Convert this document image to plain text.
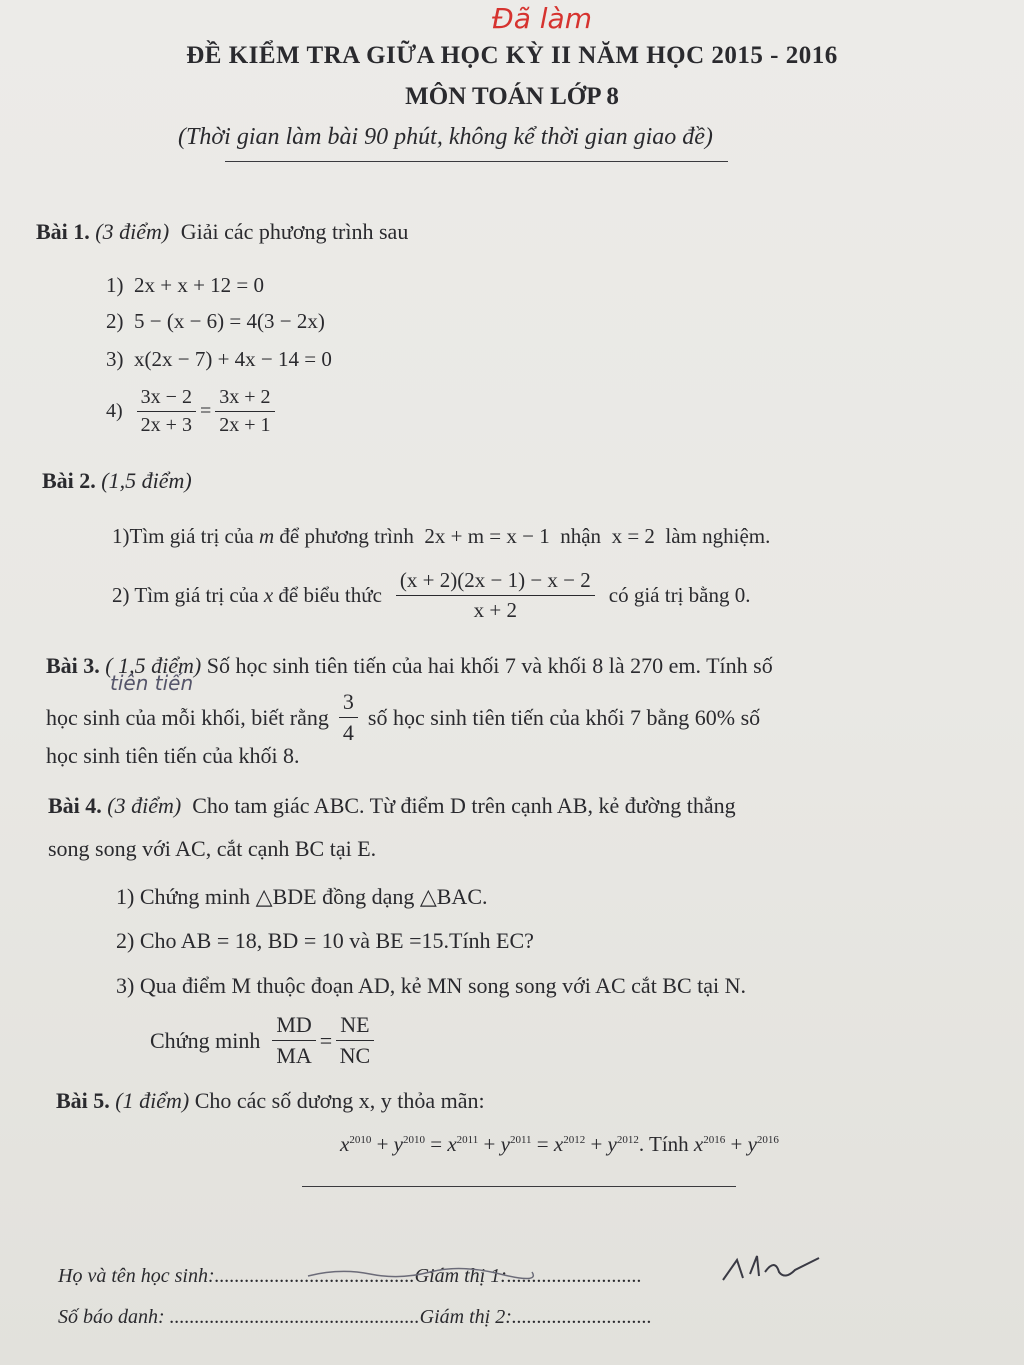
Đã làm
ĐỀ KIỂM TRA GIỮA HỌC KỲ II NĂM HỌC 2015 - 2016
MÔN TOÁN LỚP 8
(Thời gian làm bài 90 phút, không kể thời gian giao đề)
Bài 1. (3 điểm) Giải các phương trình sau
1) 2x + x + 12 = 0
2) 5 − (x − 6) = 4(3 − 2x)
3) x(2x − 7) + 4x − 14 = 0
$4) \frac{3x - 2}{2x + 3} = \frac{3x + 2}{2x + 1}$
Bài 2. (1,5 điểm)
1)Tìm giá trị của m để phương trình 2x + m = x − 1 nhận x = 2 làm nghiệm.
2) Tìm giá trị của
x
để biểu thức $\frac{(x + 2)(2x - 1) - x - 2}{x + 2}$ có giá trị bằng 0.
Bài 3. ( 1,5 điểm) Số học sinh tiên tiến của hai khối 7 và khối 8 là 270 em. Tính số
tiên tiến
học sinh của mỗi khối, biết rằng $\frac{3}{4}$ số học sinh tiên tiến của khối 7 bằng 60% số
học sinh tiên tiến của khối 8.
Bài 4. (3 điểm) Cho tam giác ABC. Từ điểm D trên cạnh AB, kẻ đường thẳng
song song với AC, cắt cạnh BC tại E.
1) Chứng minh △BDE đồng dạng △BAC.
2) Cho AB = 18, BD = 10 và BE =15.Tính EC?
3) Qua điểm M thuộc đoạn AD, kẻ MN song song với AC cắt BC tại N.
Chứng minh $\frac{MD}{MA} = \frac{NE}{NC}$
Bài 5. (1 điểm) Cho các số dương x, y thỏa mãn:
$x^{2010} + y^{2010} = x^{2011} + y^{2011} = x^{2012} + y^{2012}$. Tính $x^{2016} + y^{2016}$
Họ và tên học sinh:........................................Giám thị 1:...........................
Số báo danh: ..................................................Giám thị 2:............................
